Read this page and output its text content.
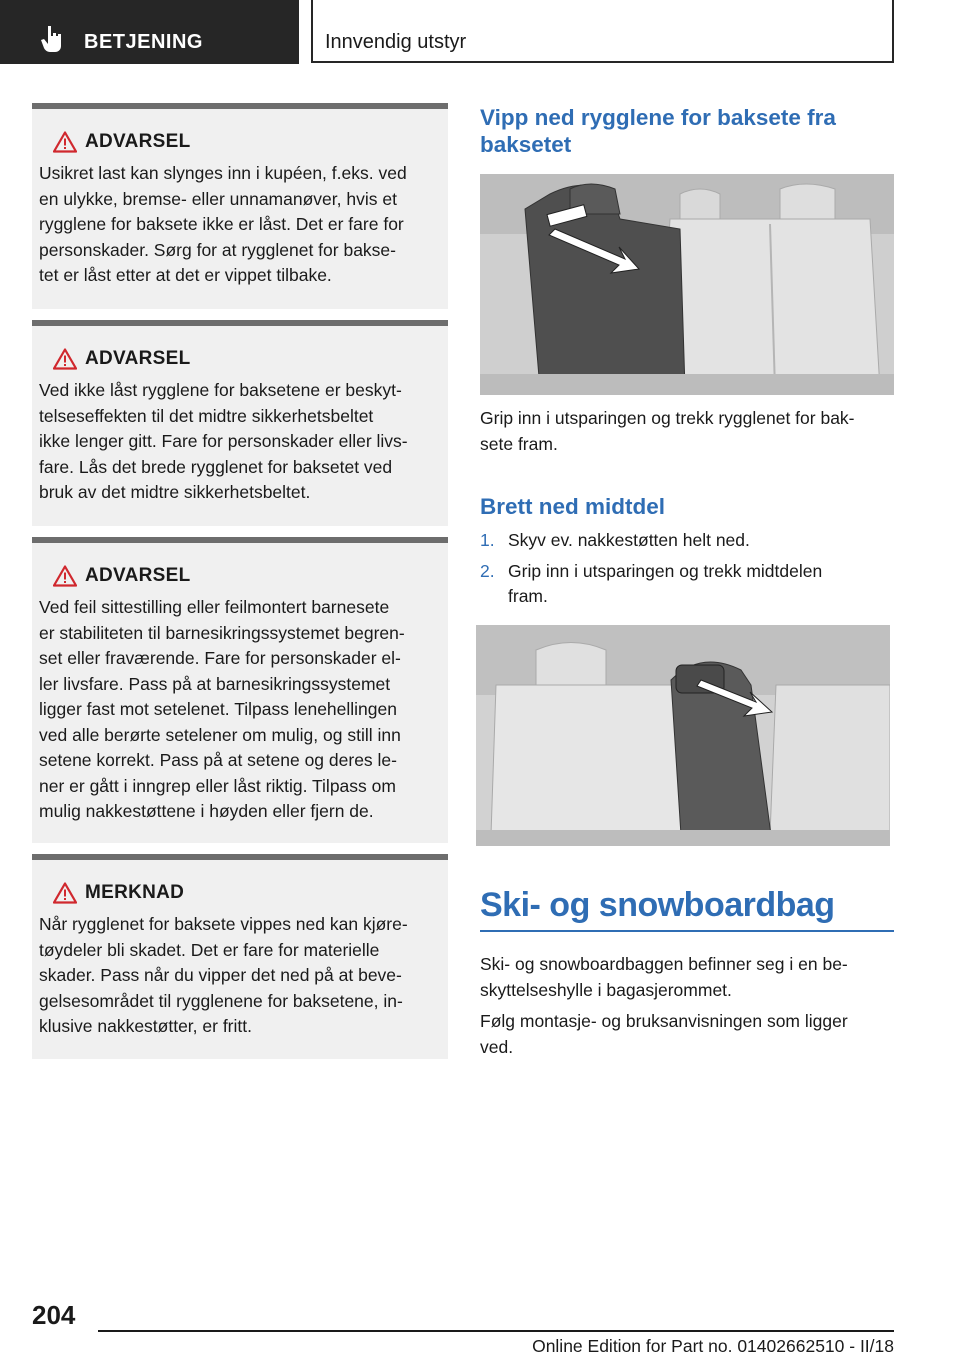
BETJENING	Innvendig utstyr
ADVARSEL
Usikret last kan slynges inn i kupéen, f.eks. ved
en ulykke, bremse- eller unnamanøver, hvis et
rygglene for baksete ikke er låst. Det er fare for
personskader. Sørg for at rygglenet for bakse-
tet er låst etter at det er vippet tilbake.
ADVARSEL
Ved ikke låst rygglene for baksetene er beskyt-
telseseffekten til det midtre sikkerhetsbeltet
ikke lenger gitt. Fare for personskader eller livs-
fare. Lås det brede rygglenet for baksetet ved
bruk av det midtre sikkerhetsbeltet.
ADVARSEL
Ved feil sittestilling eller feilmontert barnesete
er stabiliteten til barnesikringssystemet begren-
set eller fraværende. Fare for personskader el-
ler livsfare. Pass på at barnesikringssystemet
ligger fast mot setelenet. Tilpass lenehellingen
ved alle berørte setelener om mulig, og still inn
setene korrekt. Pass på at setene og deres le-
ner er gått i inngrep eller låst riktig. Tilpass om
mulig nakkestøttene i høyden eller fjern de.
MERKNAD
Når rygglenet for baksete vippes ned kan kjøre-
tøydeler bli skadet. Det er fare for materielle
skader. Pass når du vipper det ned på at beve-
gelsesområdet til rygglenene for baksetene, in-
klusive nakkestøtter, er fritt.
Vipp ned rygglene for baksete fra
baksetet
Grip inn i utsparingen og trekk rygglenet for bak-
sete fram.
Brett ned midtdel
1. Skyv ev. nakkestøtten helt ned.
2. Grip inn i utsparingen og trekk midtdelen
fram.
Ski- og snowboardbag
Ski- og snowboardbaggen befinner seg i en be-
skyttelseshylle i bagasjerommet.
Følg montasje- og bruksanvisningen som ligger
ved.
204
Online Edition for Part no. 01402662510 - II/18
